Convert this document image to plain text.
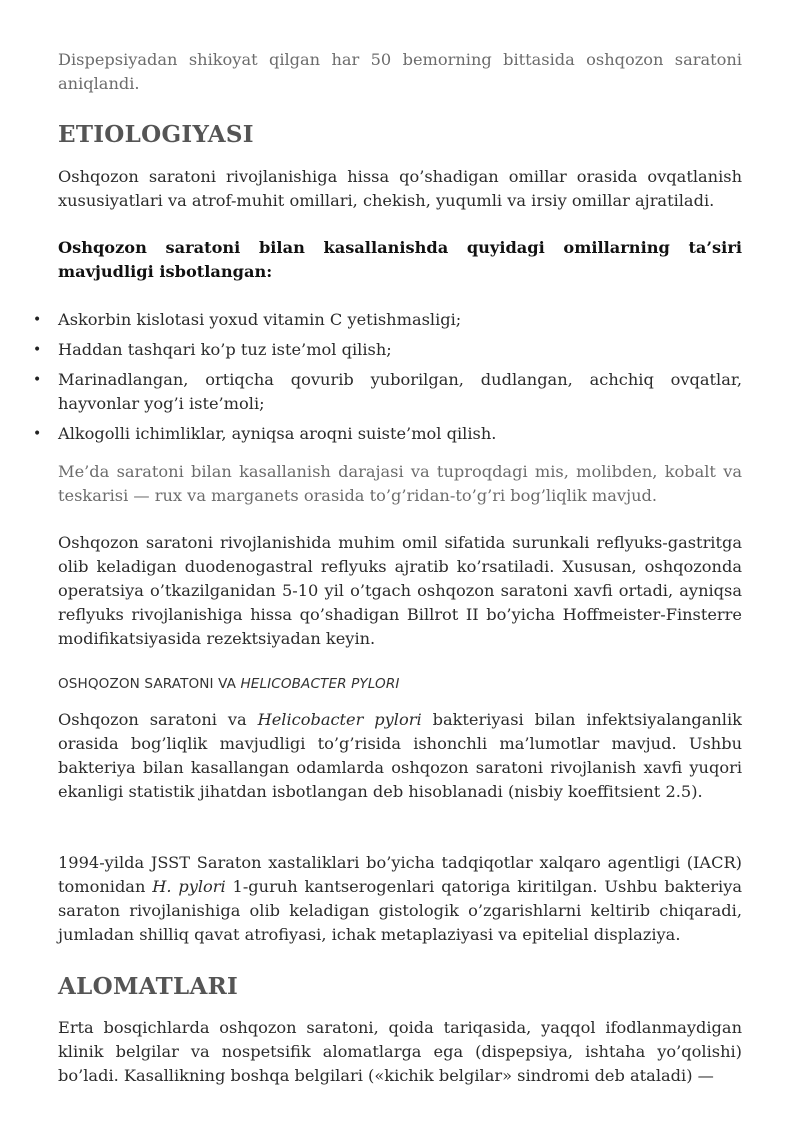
Dispepsiyadan shikoyat qilgan har 50 bemorning bittasida oshqozon saratoni aniqlandi.

ETIOLOGIYASI

Oshqozon saratoni rivojlanishiga hissa qo’shadigan omillar orasida ovqatlanish xususiyatlari va atrof-muhit omillari, chekish, yuqumli va irsiy omillar ajratiladi.

Oshqozon saratoni bilan kasallanishda quyidagi omillarning ta’siri mavjudligi isbotlangan:

• Askorbin kislotasi yoxud vitamin C yetishmasligi;
• Haddan tashqari ko’p tuz iste’mol qilish;
• Marinadlangan, ortiqcha qovurib yuborilgan, dudlangan, achchiq ovqatlar, hayvonlar yog’i iste’moli;
• Alkogolli ichimliklar, ayniqsa aroqni suiste’mol qilish.

Me’da saratoni bilan kasallanish darajasi va tuproqdagi mis, molibden, kobalt va teskarisi — rux va marganets orasida to’g’ridan-to’g’ri bog’liqlik mavjud.

Oshqozon saratoni rivojlanishida muhim omil sifatida surunkali reflyuks-gastritga olib keladigan duodenogastral reflyuks ajratib ko’rsatiladi. Xususan, oshqozonda operatsiya o’tkazilganidan 5-10 yil o’tgach oshqozon saratoni xavfi ortadi, ayniqsa reflyuks rivojlanishiga hissa qo’shadigan Billrot II bo’yicha Hoffmeister-Finsterre modifikatsiyasida rezektsiyadan keyin.

OSHQOZON SARATONI VA HELICOBACTER PYLORI

Oshqozon saratoni va Helicobacter pylori bakteriyasi bilan infektsiyalanganlik orasida bog’liqlik mavjudligi to’g’risida ishonchli ma’lumotlar mavjud. Ushbu bakteriya bilan kasallangan odamlarda oshqozon saratoni rivojlanish xavfi yuqori ekanligi statistik jihatdan isbotlangan deb hisoblanadi (nisbiy koeffitsient 2.5).

1994-yilda JSST Saraton xastaliklari bo’yicha tadqiqotlar xalqaro agentligi (IACR) tomonidan H. pylori 1-guruh kantserogenlari qatoriga kiritilgan. Ushbu bakteriya saraton rivojlanishiga olib keladigan gistologik o’zgarishlarni keltirib chiqaradi, jumladan shilliq qavat atrofiyasi, ichak metaplaziyasi va epitelial displaziya.

ALOMATLARI

Erta bosqichlarda oshqozon saratoni, qoida tariqasida, yaqqol ifodlanmaydigan klinik belgilar va nospetsifik alomatlarga ega (dispepsiya, ishtaha yo’qolishi) bo’ladi. Kasallikning boshqa belgilari («kichik belgilar» sindromi deb ataladi) —
